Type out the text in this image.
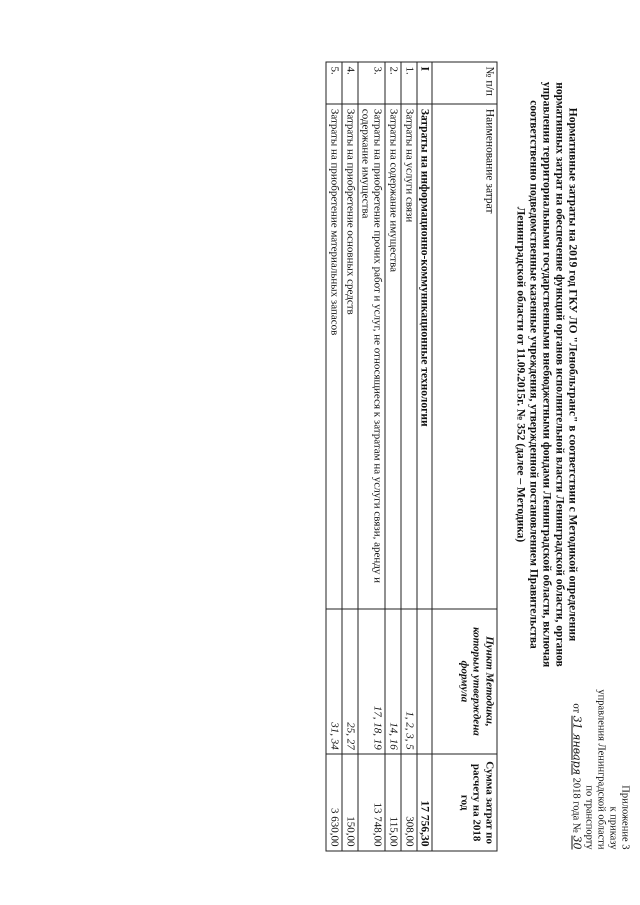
Приложение 3
к приказу
управления Ленинградской области
по транспорту
от 31 января 2018 года № 30
Нормативные затраты на 2019 год ГКУ ЛО "Ленобльтранс" в соответствии с Методикой определения
нормативных затрат на обеспечение функций органов исполнительной власти Ленинградской области, органов
управления территориальными государственными внебюджетными фондами Ленинградской области, включая
соответственно подведомственные казенные учреждения, утвержденной постановлением Правительства
Ленинградской области от 11.09.2015г. № 352 (далее – Методика)
№ п/п	Наименование затрат	Пункт Методики, которым утверждена формула	Сумма затрат по расчету на 2018 год
I	Затраты на информационно-коммуникационные технологии		17 756,30
1.	Затраты на услуги связи	1, 2, 3, 5	308,00
2.	Затраты на содержание имущества	14, 16	115,00
3.	Затраты на приобретение прочих работ и услуг, не относящиеся к затратам на услуги связи, аренду и содержание имущества	17, 18, 19	13 748,00
4.	Затраты на приобретение основных средств	25, 27	150,00
5.	Затраты на приобретение материальных запасов	31, 34	3 630,00
